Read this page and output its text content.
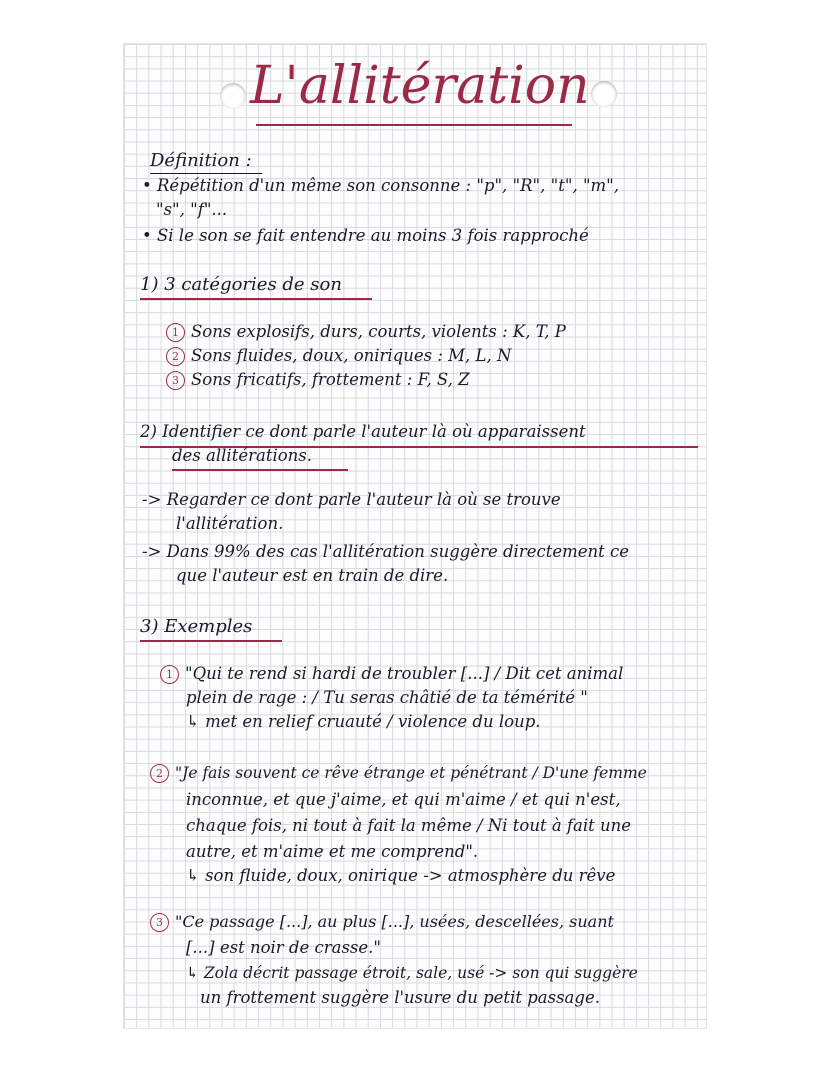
L'allitération
Définition :
• Répétition d'un même son consonne : "p", "R", "t", "m",
"s", "f"...
• Si le son se fait entendre au moins 3 fois rapproché
1) 3 catégories de son
1 Sons explosifs, durs, courts, violents : K, T, P
2 Sons fluides, doux, oniriques : M, L, N
3 Sons fricatifs, frottement : F, S, Z
2) Identifier ce dont parle l'auteur là où apparaissent
des allitérations.
-> Regarder ce dont parle l'auteur là où se trouve
l'allitération.
-> Dans 99% des cas l'allitération suggère directement ce
que l'auteur est en train de dire.
3) Exemples
1 "Qui te rend si hardi de troubler [...] / Dit cet animal
plein de rage : / Tu seras châtié de ta témérité "
↳ met en relief cruauté / violence du loup.
2 "Je fais souvent ce rêve étrange et pénétrant / D'une femme
inconnue, et que j'aime, et qui m'aime / et qui n'est,
chaque fois, ni tout à fait la même / Ni tout à fait une
autre, et m'aime et me comprend".
↳ son fluide, doux, onirique -> atmosphère du rêve
3 "Ce passage [...], au plus [...], usées, descellées, suant
[...] est noir de crasse."
↳ Zola décrit passage étroit, sale, usé -> son qui suggère
un frottement suggère l'usure du petit passage.
